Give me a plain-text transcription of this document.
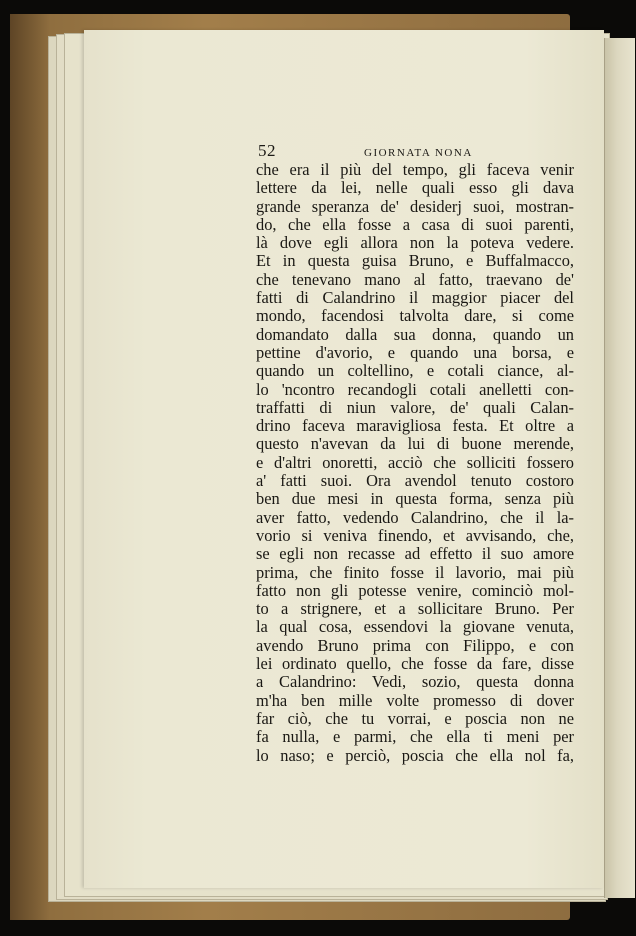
52	GIORNATA NONA
che era il più del tempo, gli faceva venir
lettere da lei, nelle quali esso gli dava
grande speranza de' desiderj suoi, mostran-
do, che ella fosse a casa di suoi parenti,
là dove egli allora non la poteva vedere.
Et in questa guisa Bruno, e Buffalmacco,
che tenevano mano al fatto, traevano de'
fatti di Calandrino il maggior piacer del
mondo, facendosi talvolta dare, si come
domandato dalla sua donna, quando un
pettine d'avorio, e quando una borsa, e
quando un coltellino, e cotali ciance, al-
lo 'ncontro recandogli cotali anelletti con-
traffatti di niun valore, de' quali Calan-
drino faceva maravigliosa festa. Et oltre a
questo n'avevan da lui di buone merende,
e d'altri onoretti, acciò che solliciti fossero
a' fatti suoi. Ora avendol tenuto costoro
ben due mesi in questa forma, senza più
aver fatto, vedendo Calandrino, che il la-
vorio si veniva finendo, et avvisando, che,
se egli non recasse ad effetto il suo amore
prima, che finito fosse il lavorio, mai più
fatto non gli potesse venire, cominciò mol-
to a strignere, et a sollicitare Bruno. Per
la qual cosa, essendovi la giovane venuta,
avendo Bruno prima con Filippo, e con
lei ordinato quello, che fosse da fare, disse
a Calandrino: Vedi, sozio, questa donna
m'ha ben mille volte promesso di dover
far ciò, che tu vorrai, e poscia non ne
fa nulla, e parmi, che ella ti meni per
lo naso; e perciò, poscia che ella nol fa,
